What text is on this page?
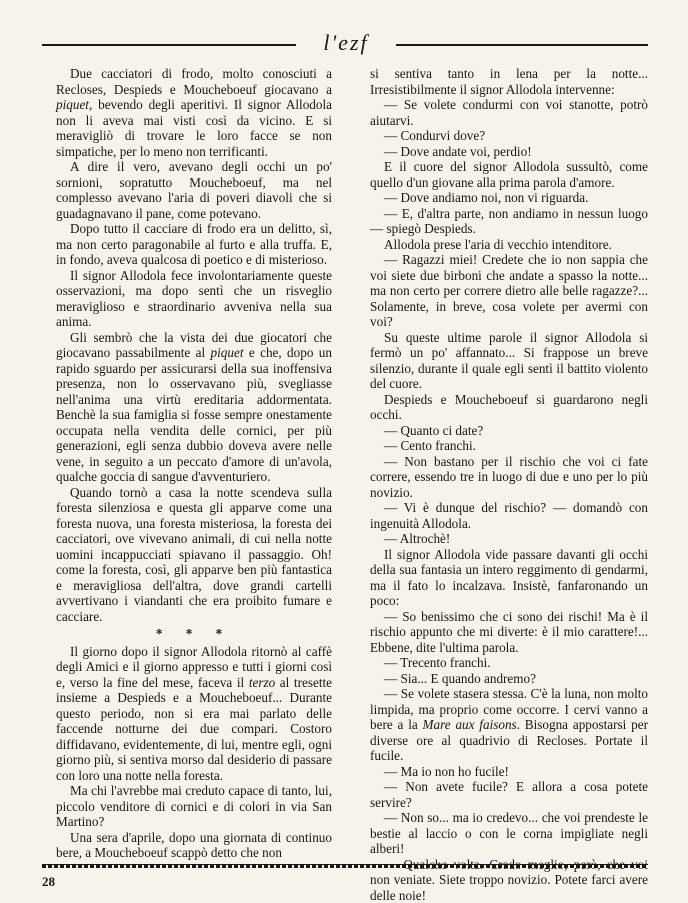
l'ezf

Due cacciatori di frodo, molto conosciuti a Recloses, Despieds e Moucheboeuf giocavano a piquet, bevendo degli aperitivi. Il signor Allodola non li aveva mai visti così da vicino. E si meravigliò di trovare le loro facce se non simpatiche, per lo meno non terrificanti.

A dire il vero, avevano degli occhi un po' sornioni, sopratutto Moucheboeuf, ma nel complesso avevano l'aria di poveri diavoli che si guadagnavano il pane, come potevano.

Dopo tutto il cacciare di frodo era un delitto, sì, ma non certo paragonabile al furto e alla truffa. E, in fondo, aveva qualcosa di poetico e di misterioso.

Il signor Allodola fece involontariamente queste osservazioni, ma dopo sentì che un risveglio meraviglioso e straordinario avveniva nella sua anima.

Gli sembrò che la vista dei due giocatori che giocavano passabilmente al piquet e che, dopo un rapido sguardo per assicurarsi della sua inoffensiva presenza, non lo osservavano più, svegliasse nell'anima una virtù ereditaria addormentata. Benchè la sua famiglia si fosse sempre onestamente occupata nella vendita delle cornici, per più generazioni, egli senza dubbio doveva avere nelle vene, in seguito a un peccato d'amore di un'avola, qualche goccia di sangue d'avventuriero.

Quando tornò a casa la notte scendeva sulla foresta silenziosa e questa gli apparve come una foresta nuova, una foresta misteriosa, la foresta dei cacciatori, ove vivevano animali, di cui nella notte uomini incappucciati spiavano il passaggio. Oh! come la foresta, così, gli apparve ben più fantastica e meravigliosa dell'altra, dove grandi cartelli avvertivano i viandanti che era proibito fumare e cacciare.

* * *

Il giorno dopo il signor Allodola ritornò al caffè degli Amici e il giorno appresso e tutti i giorni così e, verso la fine del mese, faceva il terzo al tresette insieme a Despieds e a Moucheboeuf... Durante questo periodo, non si era mai parlato delle faccende notturne dei due compari. Costoro diffidavano, evidentemente, di lui, mentre egli, ogni giorno più, si sentiva morso dal desiderio di passare con loro una notte nella foresta.

Ma chi l'avrebbe mai creduto capace di tanto, lui, piccolo venditore di cornici e di colori in via San Martino?

Una sera d'aprile, dopo una giornata di continuo bere, a Moucheboeuf scappò detto che non

si sentiva tanto in lena per la notte... Irresistibilmente il signor Allodola intervenne:

— Se volete condurmi con voi stanotte, potrò aiutarvi.

— Condurvi dove?

— Dove andate voi, perdio!

E il cuore del signor Allodola sussultò, come quello d'un giovane alla prima parola d'amore.

— Dove andiamo noi, non vi riguarda.

— E, d'altra parte, non andiamo in nessun luogo — spiegò Despieds.

Allodola prese l'aria di vecchio intenditore.

— Ragazzi miei! Credete che io non sappia che voi siete due birboni che andate a spasso la notte... ma non certo per correre dietro alle belle ragazze?... Solamente, in breve, cosa volete per avermi con voi?

Su queste ultime parole il signor Allodola si fermò un po' affannato... Si frappose un breve silenzio, durante il quale egli sentì il battito violento del cuore.

Despieds e Moucheboeuf si guardarono negli occhi.

— Quanto ci date?

— Cento franchi.

— Non bastano per il rischio che voi ci fate correre, essendo tre in luogo di due e uno per lo più novizio.

— Vi è dunque del rischio? — domandò con ingenuità Allodola.

— Altrochè!

Il signor Allodola vide passare davanti gli occhi della sua fantasia un intero reggimento di gendarmi, ma il fato lo incalzava. Insistè, fanfaronando un poco:

— So benissimo che ci sono dei rischi! Ma è il rischio appunto che mi diverte: è il mio carattere!... Ebbene, dite l'ultima parola.

— Trecento franchi.

— Sia... E quando andremo?

— Se volete stasera stessa. C'è la luna, non molto limpida, ma proprio come occorre. I cervi vanno a bere a la Mare aux faisons. Bisogna appostarsi per diverse ore al quadrivio di Recloses. Portate il fucile.

— Ma io non ho fucile!

— Non avete fucile? E allora a cosa potete servire?

— Non so... ma io credevo... che voi prendeste le bestie al laccio o con le corna impigliate negli alberi!

non veniate. Siete troppo novizio. Potete farci avere delle noie!

28
